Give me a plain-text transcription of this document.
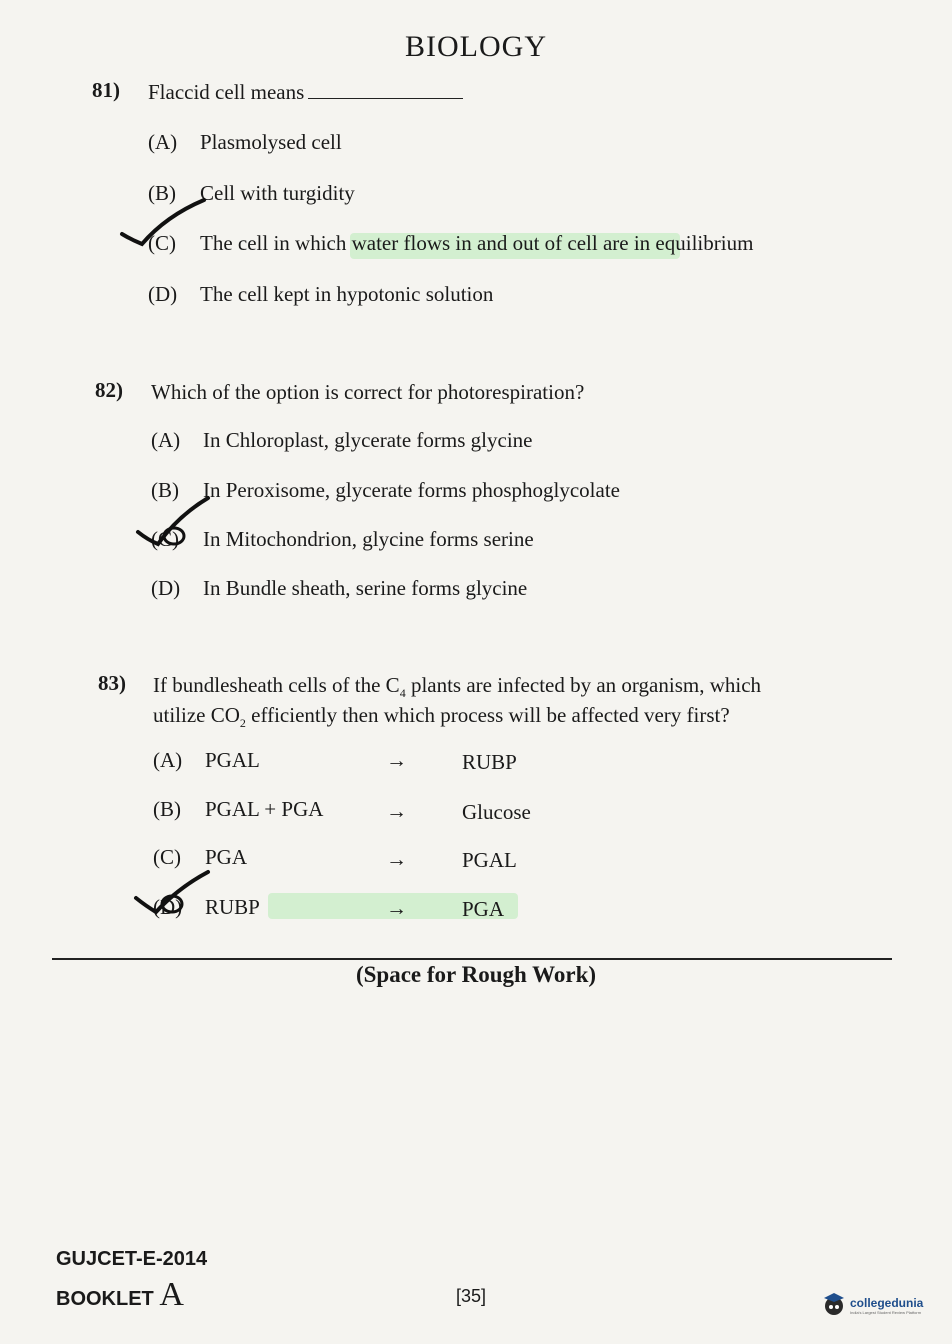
BIOLOGY
81) Flaccid cell means
(A) Plasmolysed cell
(B) Cell with turgidity
(C) The cell in which water flows in and out of cell are in equilibrium
(D) The cell kept in hypotonic solution
82) Which of the option is correct for photorespiration?
(A) In Chloroplast, glycerate forms glycine
(B) In Peroxisome, glycerate forms phosphoglycolate
(C) In Mitochondrion, glycine forms serine
(D) In Bundle sheath, serine forms glycine
83) If bundlesheath cells of the $C_4$ plants are infected by an organism, which
utilize $CO_2$ efficiently then which process will be affected very first?
(A) PGAL	→	RUBP
(B) PGAL + PGA	→	Glucose
(C) PGA	→	PGAL
(D) RUBP	→	PGA
(Space for Rough Work)
GUJCET-E-2014
BOOKLET A	[35]	collegedunia
India's Largest Student Review Platform
